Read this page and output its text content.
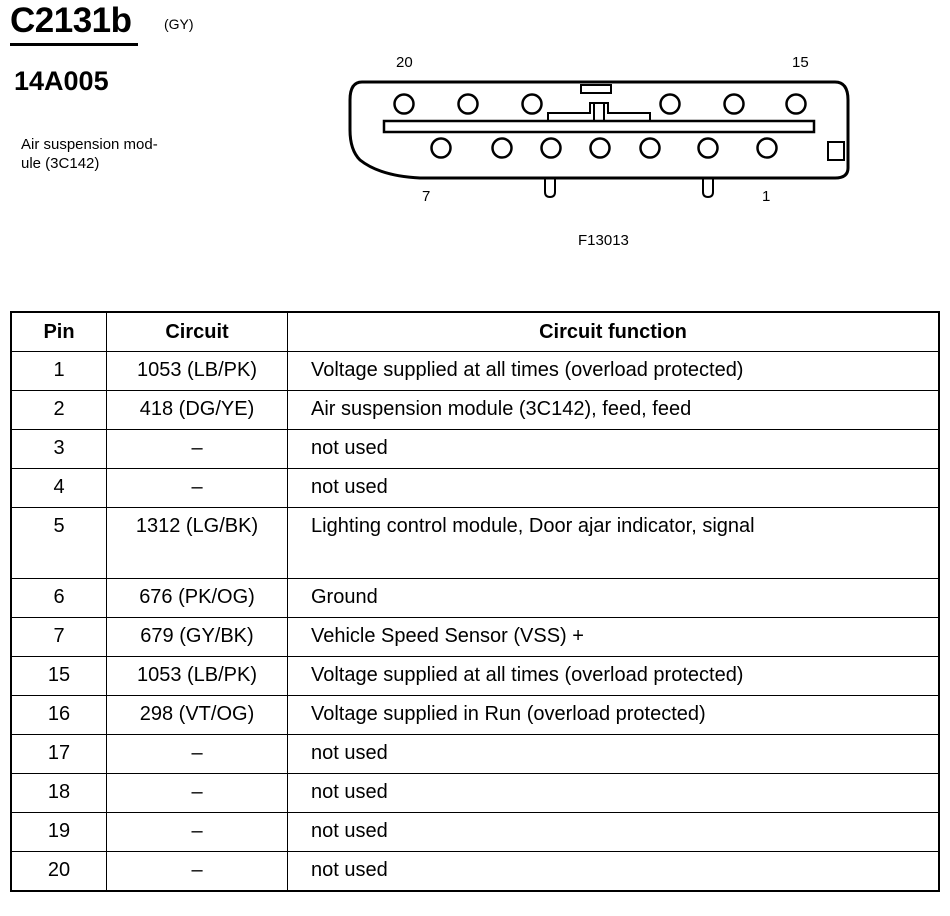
C2131b (GY)
14A005
Air suspension mod-
ule (3C142)
20	15
7	1
F13013
Pin	Circuit	Circuit function
1	1053 (LB/PK)	Voltage supplied at all times (overload protected)
2	418 (DG/YE)	Air suspension module (3C142), feed, feed
3	–	not used
4	–	not used
5	1312 (LG/BK)	Lighting control module, Door ajar indicator, signal
6	676 (PK/OG)	Ground
7	679 (GY/BK)	Vehicle Speed Sensor (VSS) +
15	1053 (LB/PK)	Voltage supplied at all times (overload protected)
16	298 (VT/OG)	Voltage supplied in Run (overload protected)
17	–	not used
18	–	not used
19	–	not used
20	–	not used
